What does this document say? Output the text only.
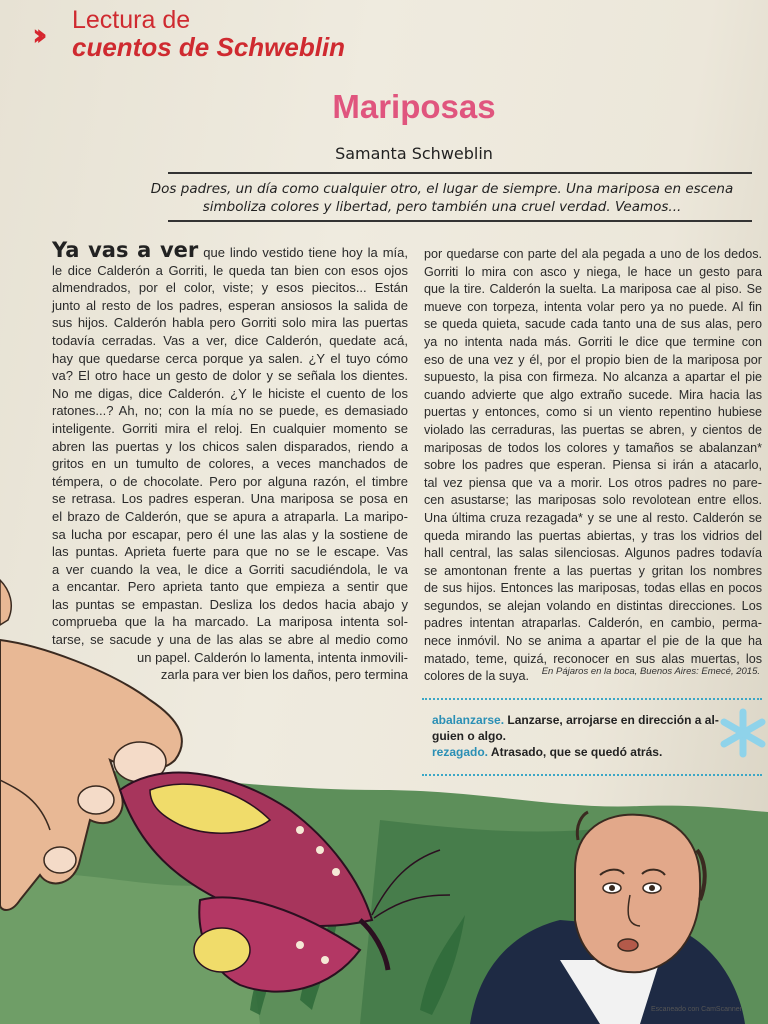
›› Lectura de
cuentos de Schweblin
Mariposas
Samanta Schweblin
Dos padres, un día como cualquier otro, el lugar de siempre. Una mariposa en escena
simboliza colores y libertad, pero también una cruel verdad. Veamos...
Ya vas a ver que lindo vestido tiene hoy la mía,
le dice Calderón a Gorriti, le queda tan bien con esos ojos
almendrados, por el color, viste; y esos piecitos... Están
junto al resto de los padres, esperan ansiosos la salida de
sus hijos. Calderón habla pero Gorriti solo mira las puertas
todavía cerradas. Vas a ver, dice Calderón, quedate acá,
hay que quedarse cerca porque ya salen. ¿Y el tuyo cómo
va? El otro hace un gesto de dolor y se señala los dientes.
No me digas, dice Calderón. ¿Y le hiciste el cuento de los
ratones...? Ah, no; con la mía no se puede, es demasiado
inteligente. Gorriti mira el reloj. En cualquier momento se
abren las puertas y los chicos salen disparados, riendo a
gritos en un tumulto de colores, a veces manchados de
témpera, o de chocolate. Pero por alguna razón, el timbre
se retrasa. Los padres esperan. Una mariposa se posa en
el brazo de Calderón, que se apura a atraparla. La maripo-
sa lucha por escapar, pero él une las alas y la sostiene de
las puntas. Aprieta fuerte para que no se le escape. Vas
a ver cuando la vea, le dice a Gorriti sacudiéndola, le va
a encantar. Pero aprieta tanto que empieza a sentir que
las puntas se empastan. Desliza los dedos hacia abajo y
comprueba que la ha marcado. La mariposa intenta sol-
tarse, se sacude y una de las alas se abre al medio como
un papel. Calderón lo lamenta, intenta inmovili-
zarla para ver bien los daños, pero termina
por quedarse con parte del ala pegada a uno de los dedos.
Gorriti lo mira con asco y niega, le hace un gesto para
que la tire. Calderón la suelta. La mariposa cae al piso. Se
mueve con torpeza, intenta volar pero ya no puede. Al fin
se queda quieta, sacude cada tanto una de sus alas, pero
ya no intenta nada más. Gorriti le dice que termine con
eso de una vez y él, por el propio bien de la mariposa por
supuesto, la pisa con firmeza. No alcanza a apartar el pie
cuando advierte que algo extraño sucede. Mira hacia las
puertas y entonces, como si un viento repentino hubiese
violado las cerraduras, las puertas se abren, y cientos de
mariposas de todos los colores y tamaños se abalanzan*
sobre los padres que esperan. Piensa si irán a atacarlo,
tal vez piensa que va a morir. Los otros padres no pare-
cen asustarse; las mariposas solo revolotean entre ellos.
Una última cruza rezagada* y se une al resto. Calderón se
queda mirando las puertas abiertas, y tras los vidrios del
hall central, las salas silenciosas. Algunos padres todavía
se amontonan frente a las puertas y gritan los nombres
de sus hijos. Entonces las mariposas, todas ellas en pocos
segundos, se alejan volando en distintas direcciones. Los
padres intentan atraparlas. Calderón, en cambio, perma-
nece inmóvil. No se anima a apartar el pie de la que ha
matado, teme, quizá, reconocer en sus alas muertas, los
colores de la suya.	En Pájaros en la boca, Buenos Aires: Emecé, 2015.
abalanzarse. Lanzarse, arrojarse en dirección a al-
guien o algo.
rezagado. Atrasado, que se quedó atrás.
Escaneado con CamScanner
